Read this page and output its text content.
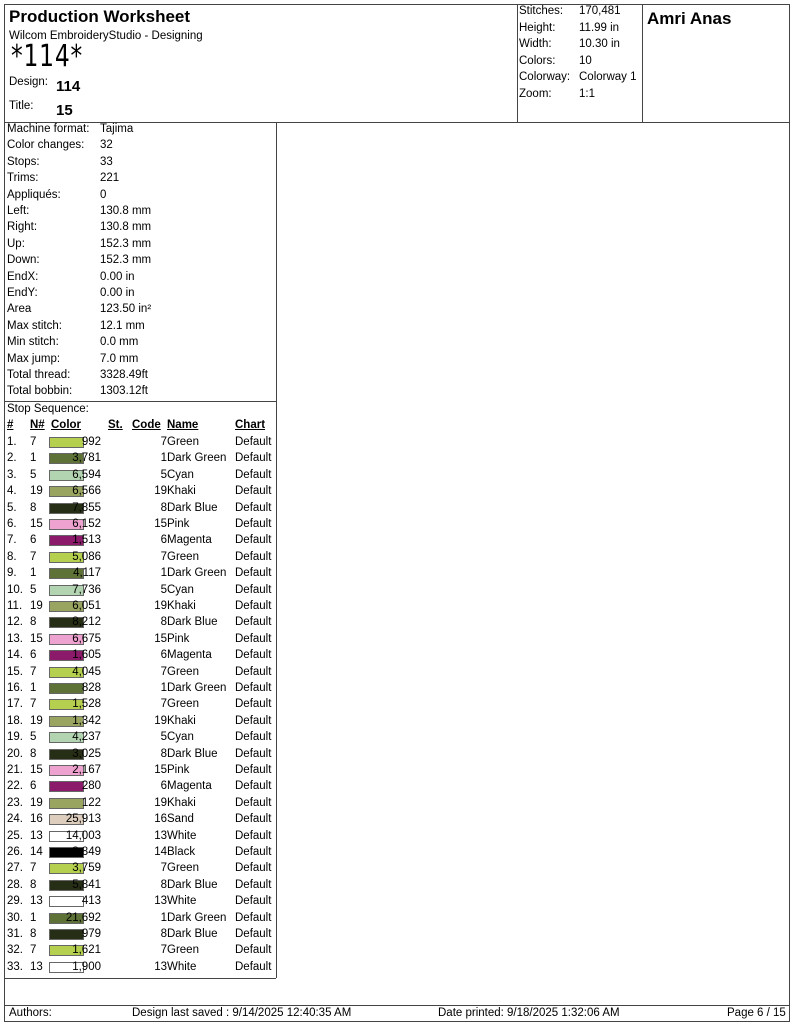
Production Worksheet
Wilcom EmbroideryStudio - Designing
*114*
Design: 114
Title: 15
Stitches: 170,481
Height: 11.99 in
Width: 10.30 in
Colors: 10
Colorway: Colorway 1
Zoom: 1:1
Amri Anas
Machine format: Tajima
Color changes: 32
Stops:	33
Trims:	221
Appliqués:	0
Left:	130.8 mm
Right:	130.8 mm
Up:	152.3 mm
Down:	152.3 mm
EndX:	0.00 in
EndY:	0.00 in
Area	123.50 in²
Max stitch:	12.1 mm
Min stitch:	0.0 mm
Max jump:	7.0 mm
Total thread:	3328.49ft
Total bobbin: 1303.12ft
Stop Sequence:
# N# Color St. Code Name	Chart
1. 7	992	7 Green	Default
2. 1	3,781	1 Dark Green Default
3. 5	6,594	5 Cyan	Default
4. 19	6,566	19 Khaki	Default
5. 8	7,855	8 Dark Blue Default
6. 15	6,152	15 Pink	Default
7. 6	1,513	6 Magenta Default
8. 7	5,086	7 Green	Default
9. 1	4,117	1 Dark Green Default
10. 5	7,736	5 Cyan	Default
11. 19	6,051	19 Khaki	Default
12. 8	8,212	8 Dark Blue Default
13. 15	6,675	15 Pink	Default
14. 6	1,605	6 Magenta Default
15. 7	4,045	7 Green	Default
16. 1	828	1 Dark Green Default
17. 7	1,528	7 Green	Default
18. 19	1,342	19 Khaki	Default
19. 5	4,237	5 Cyan	Default
20. 8	3,025	8 Dark Blue Default
21. 15	2,167	15 Pink	Default
22. 6	280	6 Magenta Default
23. 19	122	19 Khaki	Default
24. 16 25,913	16 Sand	Default
25. 13 14,003	13 White	Default
26. 14	3,849	14 Black	Default
27. 7	3,759	7 Green	Default
28. 8	5,841	8 Dark Blue Default
29. 13	413	13 White	Default
30. 1	21,692	1 Dark Green Default
31. 8	979	8 Dark Blue Default
32. 7	1,621	7 Green	Default
33. 13	1,900	13 White	Default
Authors:	Design last saved : 9/14/2025 12:40:35 AM	Date printed: 9/18/2025 1:32:06 AM	Page 6 / 15
